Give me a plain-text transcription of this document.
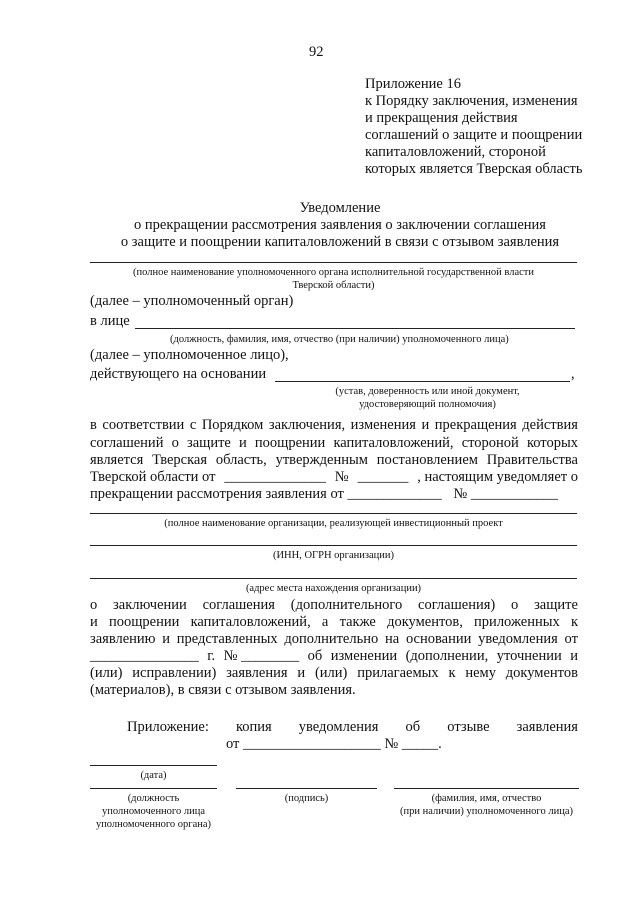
92
Приложение 16
к Порядку заключения, изменения
и прекращения действия
соглашений о защите и поощрении
капиталовложений, стороной
которых является Тверская область
Уведомление
о прекращении рассмотрения заявления о заключении соглашения
о защите и поощрении капиталовложений в связи с отзывом заявления
(полное наименование уполномоченного органа исполнительной государственной власти
Тверской области)
(далее – уполномоченный орган)
в лице
(должность, фамилия, имя, отчество (при наличии) уполномоченного лица)
(далее – уполномоченное лицо),
действующего на основании	,
(устав, доверенность или иной документ,
удостоверяющий полномочия)
в соответствии с Порядком заключения, изменения и прекращения действия
соглашений о защите и поощрении капиталовложений, стороной которых
является Тверская область, утвержденным постановлением Правительства
Тверской области от ______________ № _______ , настоящим уведомляет о
прекращении рассмотрения заявления от _____________ № ____________
(полное наименование организации, реализующей инвестиционный проект
(ИНН, ОГРН организации)
(адрес места нахождения организации)
о заключении соглашения (дополнительного соглашения) о защите
и поощрении капиталовложений, а также документов, приложенных к
заявлению и представленных дополнительно на основании уведомления от
_______________ г. № ________ об изменении (дополнении, уточнении и
(или) исправлении) заявления и (или) прилагаемых к нему документов
(материалов), в связи с отзывом заявления.
Приложение: копия уведомления об отзыве заявления
от ___________________ № _____.
(дата)
(должность
уполномоченного лица
уполномоченного органа)
(подпись)	(фамилия, имя, отчество
(при наличии) уполномоченного лица)
